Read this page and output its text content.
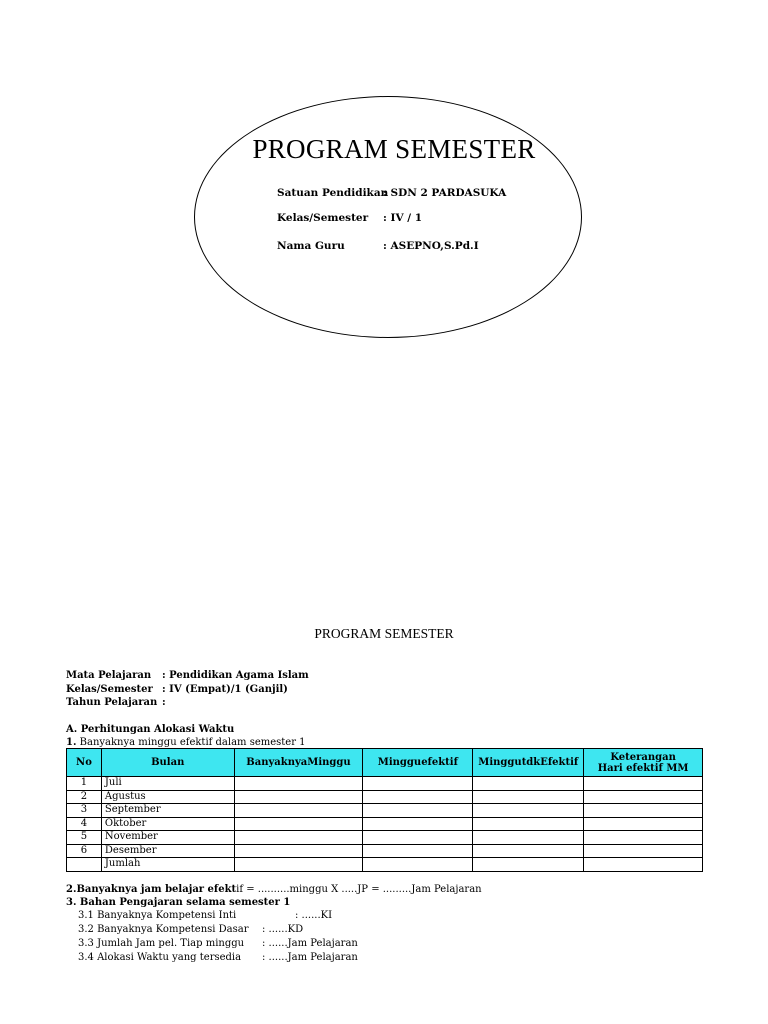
PROGRAM SEMESTER
Satuan Pendidikan
: SDN 2 PARDASUKA
Kelas/Semester : IV / 1
Nama Guru	: ASEPNO,S.Pd.I
PROGRAM SEMESTER
Mata Pelajaran : Pendidikan Agama Islam
Kelas/Semester : IV (Empat)/1 (Ganjil)
Tahun Pelajaran :
A. Perhitungan Alokasi Waktu
1. Banyaknya minggu efektif dalam semester 1
No	Bulan	BanyaknyaMinggu	Mingguefektif	MinggutdkEfektif	Keterangan
Hari efektif MM
1	Juli				
2	Agustus				
3	September				
4	Oktober				
5	November				
6	Desember				
	Jumlah				
2.Banyaknya jam belajar efektif = ..........minggu X .....JP = .........Jam Pelajaran
3. Bahan Pengajaran selama semester 1
3.1 Banyaknya Kompetensi Inti	: ......KI
3.2 Banyaknya Kompetensi Dasar : ......KD
3.3 Jumlah Jam pel. Tiap minggu : ......Jam Pelajaran
3.4 Alokasi Waktu yang tersedia : ......Jam Pelajaran
